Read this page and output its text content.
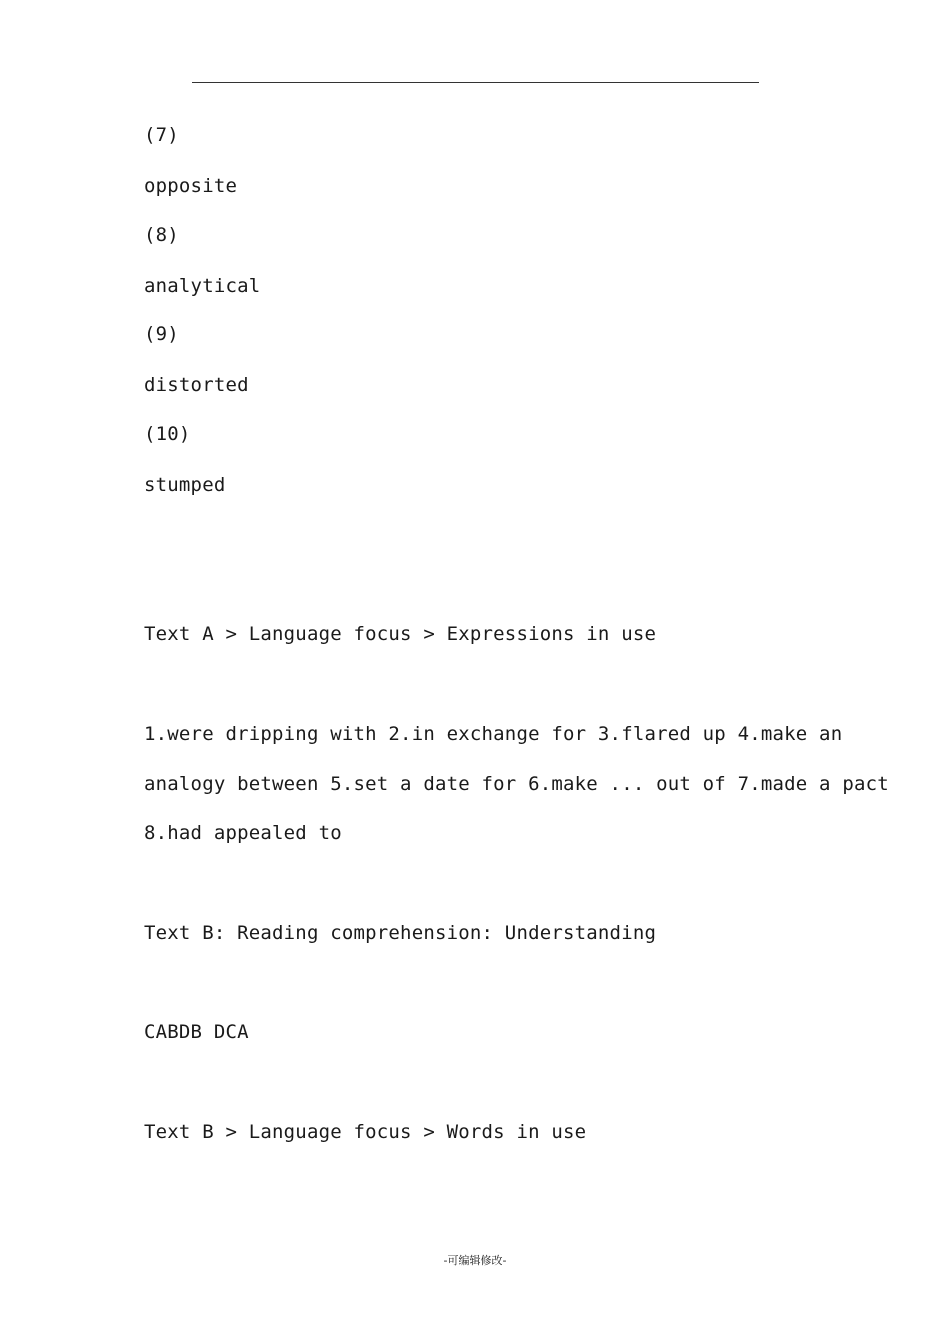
(7)
opposite
(8)
analytical
(9)
distorted
(10)
stumped
Text A > Language focus > Expressions in use
1.were dripping with 2.in exchange for 3.flared up 4.make an
analogy between 5.set a date for 6.make ... out of 7.made a pact
8.had appealed to
Text B: Reading comprehension: Understanding
CABDB DCA
Text B > Language focus > Words in use
-可编辑修改-
